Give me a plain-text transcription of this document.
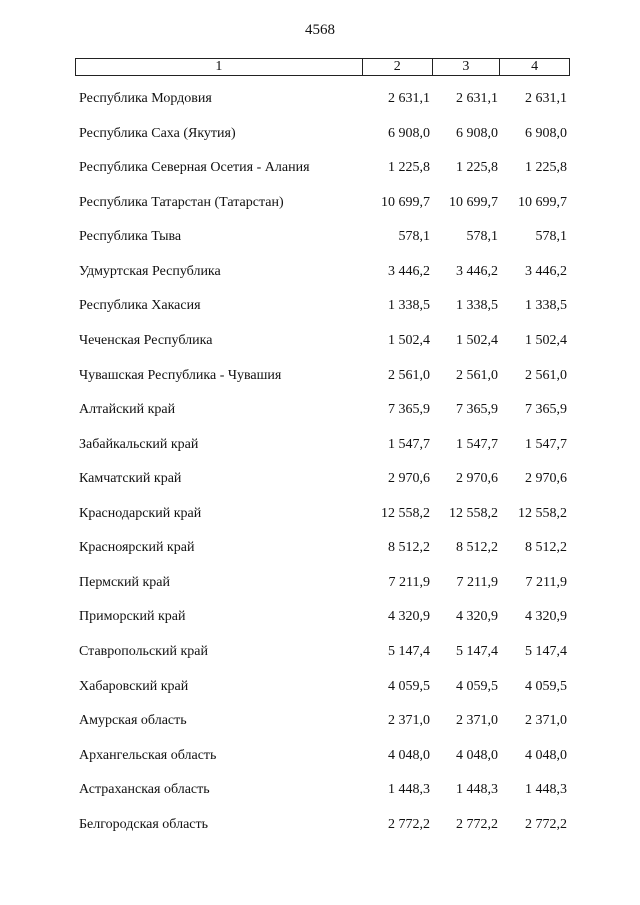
4568
1	2	3	4
Республика Мордовия	2 631,1	2 631,1	2 631,1
Республика Саха (Якутия)	6 908,0	6 908,0	6 908,0
Республика Северная Осетия - Алания	1 225,8	1 225,8	1 225,8
Республика Татарстан (Татарстан)	10 699,7	10 699,7	10 699,7
Республика Тыва	578,1	578,1	578,1
Удмуртская Республика	3 446,2	3 446,2	3 446,2
Республика Хакасия	1 338,5	1 338,5	1 338,5
Чеченская Республика	1 502,4	1 502,4	1 502,4
Чувашская Республика - Чувашия	2 561,0	2 561,0	2 561,0
Алтайский край	7 365,9	7 365,9	7 365,9
Забайкальский край	1 547,7	1 547,7	1 547,7
Камчатский край	2 970,6	2 970,6	2 970,6
Краснодарский край	12 558,2	12 558,2	12 558,2
Красноярский край	8 512,2	8 512,2	8 512,2
Пермский край	7 211,9	7 211,9	7 211,9
Приморский край	4 320,9	4 320,9	4 320,9
Ставропольский край	5 147,4	5 147,4	5 147,4
Хабаровский край	4 059,5	4 059,5	4 059,5
Амурская область	2 371,0	2 371,0	2 371,0
Архангельская область	4 048,0	4 048,0	4 048,0
Астраханская область	1 448,3	1 448,3	1 448,3
Белгородская область	2 772,2	2 772,2	2 772,2
